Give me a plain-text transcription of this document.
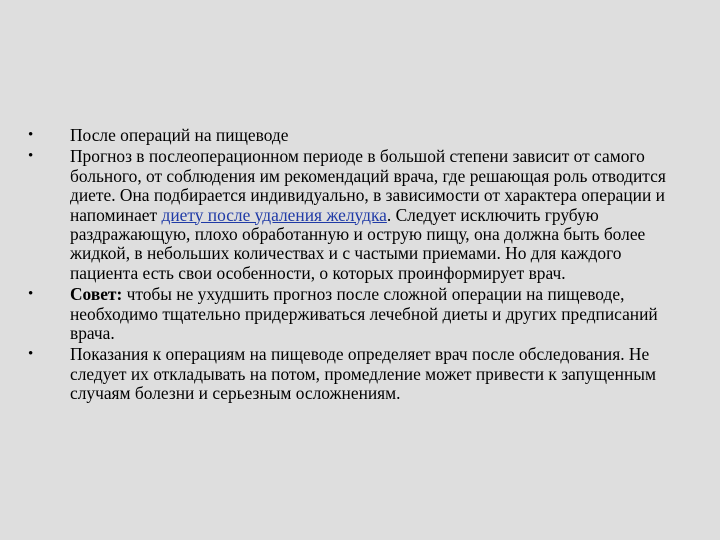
•	После операций на пищеводе
•	Прогноз в послеоперационном периоде в большой степени зависит от самого больного, от соблюдения им рекомендаций врача, где решающая роль отводится диете. Она подбирается индивидуально, в зависимости от характера операции и напоминает диету после удаления желудка. Следует исключить грубую раздражающую, плохо обработанную и острую пищу, она должна быть более жидкой, в небольших количествах и с частыми приемами. Но для каждого пациента есть свои особенности, о которых проинформирует врач.
•	Совет: чтобы не ухудшить прогноз после сложной операции на пищеводе, необходимо тщательно придерживаться лечебной диеты и других предписаний врача.
•	Показания к операциям на пищеводе определяет врач после обследования. Не следует их откладывать на потом, промедление может привести к запущенным случаям болезни и серьезным осложнениям.
